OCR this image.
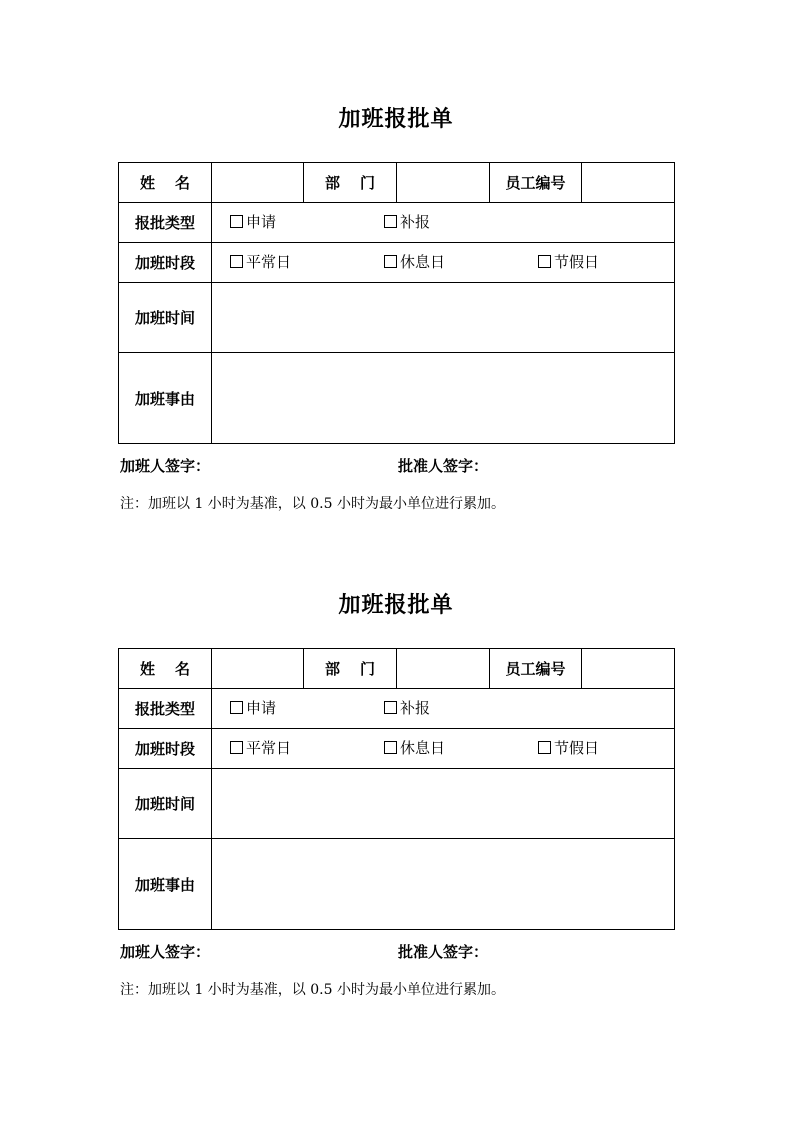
加班报批单
姓名		部门		员工编号	
报批类型	申请 补报				

加班时段	平常日 休息日 节假日				

加班时间					
加班事由					
加班人签字：	批准人签字：
注：加班以 1 小时为基准，以 0.5 小时为最小单位进行累加。
加班报批单
姓名		部门		员工编号	
报批类型	申请 补报				

加班时段	平常日 休息日 节假日				

加班时间					
加班事由					
加班人签字：	批准人签字：
注：加班以 1 小时为基准，以 0.5 小时为最小单位进行累加。
